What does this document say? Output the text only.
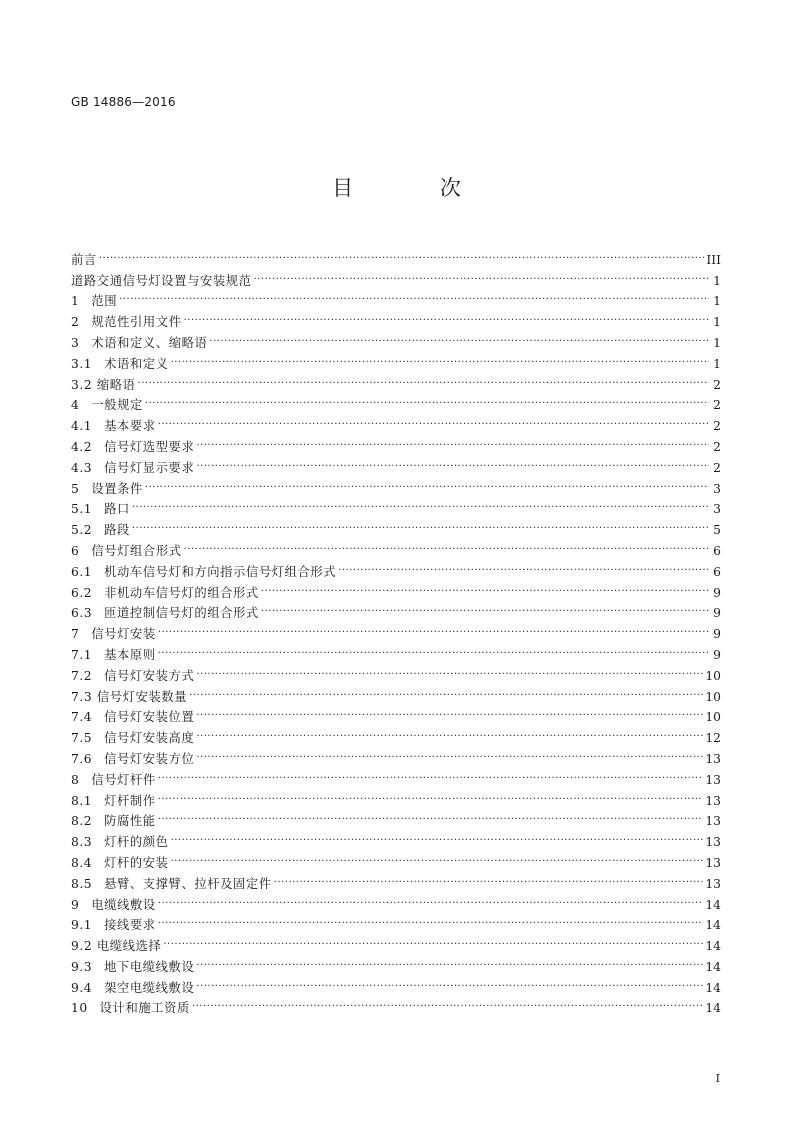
GB 14886—2016
目 次
前言 .....	III
道路交通信号灯设置与安装规范 .....	1
1 范围 .....	1
2 规范性引用文件 .....	1
3 术语和定义、缩略语 .....	1
3.1 术语和定义 .....	1
3.2 缩略语 .....	2
4 一般规定 .....	2
4.1 基本要求 .....	2
4.2 信号灯选型要求 .....	2
4.3 信号灯显示要求 .....	2
5 设置条件 .....	3
5.1 路口 .....	3
5.2 路段 .....	5
6 信号灯组合形式 .....	6
6.1 机动车信号灯和方向指示信号灯组合形式 .....	6
6.2 非机动车信号灯的组合形式 .....	9
6.3 匝道控制信号灯的组合形式 .....	9
7 信号灯安装 .....	9
7.1 基本原则 .....	9
7.2 信号灯安装方式 .....	10
7.3 信号灯安装数量 .....	10
7.4 信号灯安装位置 .....	10
7.5 信号灯安装高度 .....	12
7.6 信号灯安装方位 .....	13
8 信号灯杆件 .....	13
8.1 灯杆制作 .....	13
8.2 防腐性能 .....	13
8.3 灯杆的颜色 .....	13
8.4 灯杆的安装 .....	13
8.5 悬臂、支撑臂、拉杆及固定件 .....	13
9 电缆线敷设 .....	14
9.1 接线要求 .....	14
9.2 电缆线选择 .....	14
9.3 地下电缆线敷设 .....	14
9.4 架空电缆线敷设 .....	14
10 设计和施工资质 .....	14
I
